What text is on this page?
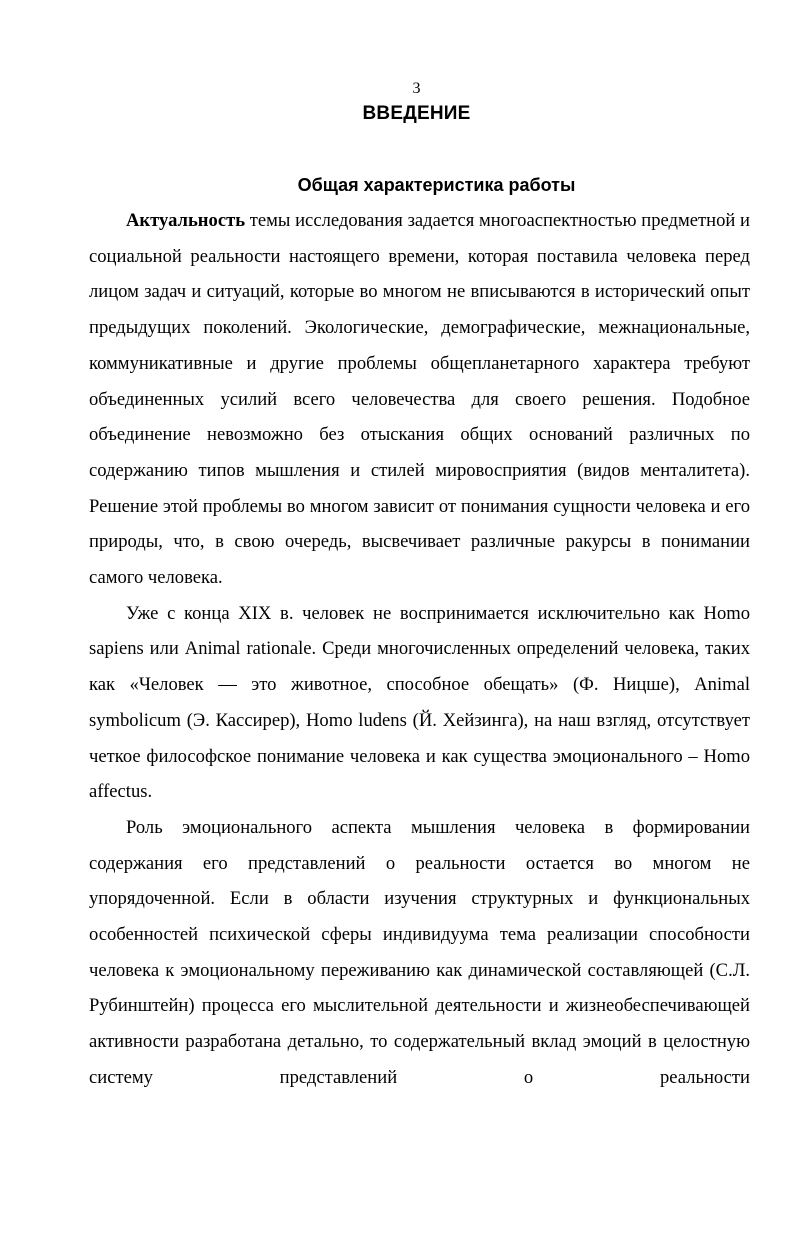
3
ВВЕДЕНИЕ
Общая характеристика работы

Актуальность темы исследования задается многоаспектностью предметной и социальной реальности настоящего времени, которая поставила человека перед лицом задач и ситуаций, которые во многом не вписываются в исторический опыт предыдущих поколений. Экологические, демографические, межнациональные, коммуникативные и другие проблемы общепланетарного характера требуют объединенных усилий всего человечества для своего решения. Подобное объединение невозможно без отыскания общих оснований различных по содержанию типов мышления и стилей мировосприятия (видов менталитета). Решение этой проблемы во многом зависит от понимания сущности человека и его природы, что, в свою очередь, высвечивает различные ракурсы в понимании самого человека.

Уже с конца XIX в. человек не воспринимается исключительно как Homo sapiens или Animal rationale. Среди многочисленных определений человека, таких как «Человек — это животное, способное обещать» (Ф. Ницше), Animal symbolicum (Э. Кассирер), Homo ludens (Й. Хейзинга), на наш взгляд, отсутствует четкое философское понимание человека и как существа эмоционального – Homo affectus.

Роль эмоционального аспекта мышления человека в формировании содержания его представлений о реальности остается во многом не упорядоченной. Если в области изучения структурных и функциональных особенностей психической сферы индивидуума тема реализации способности человека к эмоциональному переживанию как динамической составляющей (С.Л. Рубинштейн) процесса его мыслительной деятельности и жизнеобеспечивающей активности разработана детально, то содержательный вклад эмоций в целостную систему представлений о реальности
